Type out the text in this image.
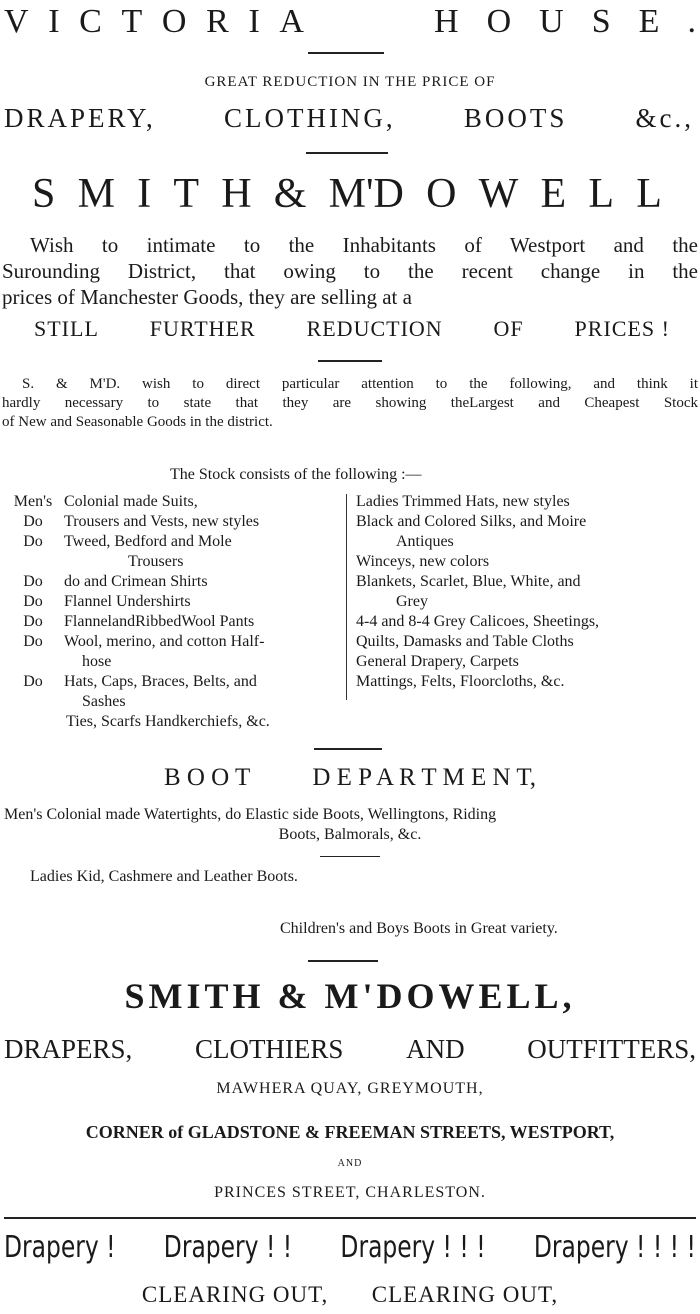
V I C T O R I A	H O U S E .
GREAT REDUCTION IN THE PRICE OF
DRAPERY,	CLOTHING,	BOOTS	&c.,
S M I T H & M'D O W E L L
Wish to intimate to the Inhabitants of Westport and the
Surounding District, that owing to the recent change in the
prices of Manchester Goods, they are selling at a
STILL FURTHER REDUCTION OF PRICES !
S. & M'D. wish to direct particular attention to the following, and think it
hardly necessary to state that they are showing theLargest and Cheapest Stock
of New and Seasonable Goods in the district.
The Stock consists of the following :—
Men's Colonial made Suits,
Do	Trousers and Vests, new styles
Do	Tweed, Bedford and Mole
Trousers
Do	do and Crimean Shirts
Do	Flannel Undershirts
Do	FlannelandRibbedWool Pants
Do	Wool, merino, and cotton Half-
hose
Do	Hats, Caps, Braces, Belts, and
Sashes
Ties, Scarfs Handkerchiefs, &c.
Ladies Trimmed Hats, new styles
Black and Colored Silks, and Moire
Antiques
Winceys, new colors
Blankets, Scarlet, Blue, White, and
Grey
4-4 and 8-4 Grey Calicoes, Sheetings,
Quilts, Damasks and Table Cloths
General Drapery, Carpets
Mattings, Felts, Floorcloths, &c.
B O O T	D E P A R T M E N T,
Men's Colonial made Watertights, do Elastic side Boots, Wellingtons, Riding
Boots, Balmorals, &c.
Ladies Kid, Cashmere and Leather Boots.
Children's and Boys Boots in Great variety.
SMITH & M'DOWELL,
DRAPERS, CLOTHIERS AND OUTFITTERS,
MAWHERA QUAY, GREYMOUTH,
CORNER of GLADSTONE & FREEMAN STREETS, WESTPORT,
AND
PRINCES STREET, CHARLESTON.
Drapery ! Drapery ! ! Drapery ! ! ! Drapery ! ! ! !
CLEARING OUT, CLEARING OUT,
